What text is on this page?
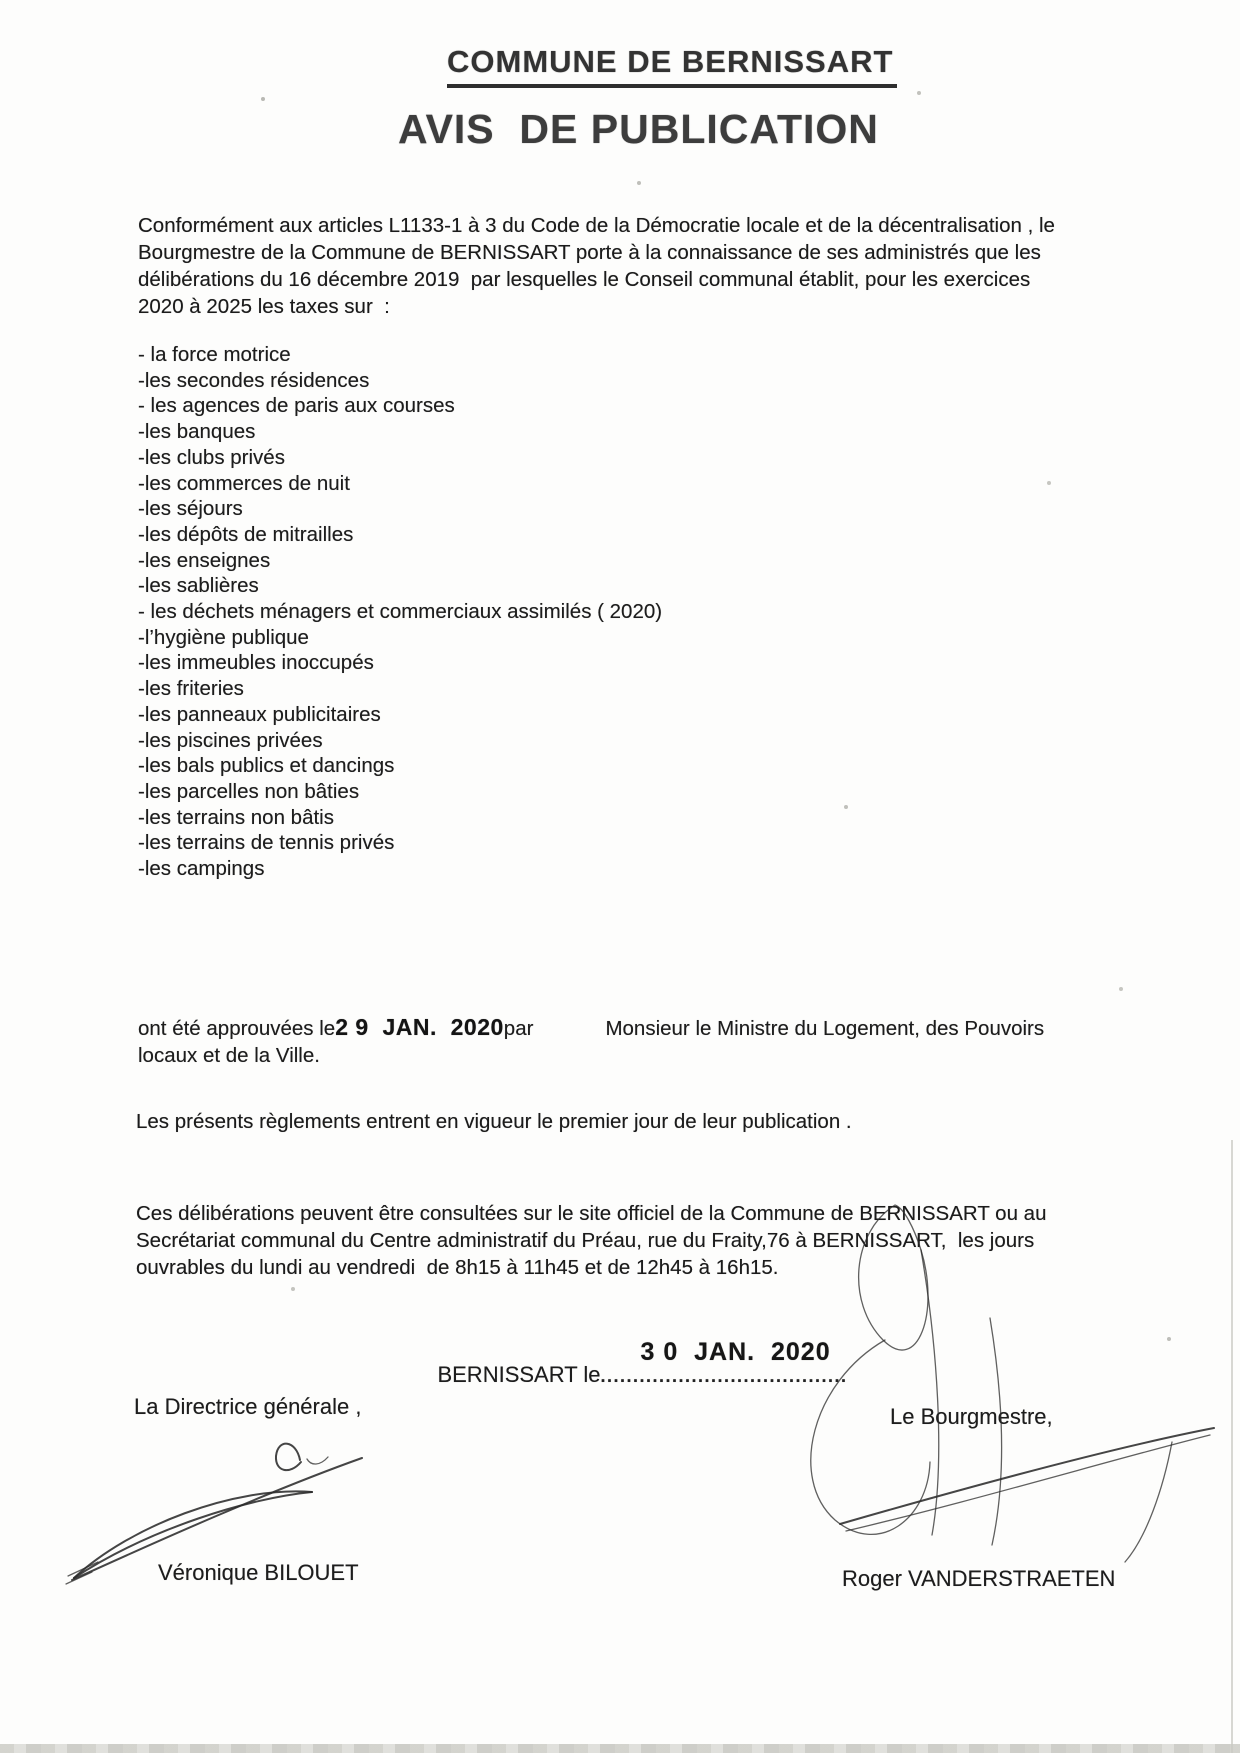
COMMUNE DE BERNISSART
AVIS  DE PUBLICATION
Conformément aux articles L1133-1 à 3 du Code de la Démocratie locale et de la décentralisation , le Bourgmestre de la Commune de BERNISSART porte à la connaissance de ses administrés que les délibérations du 16 décembre 2019  par lesquelles le Conseil communal établit, pour les exercices 2020 à 2025 les taxes sur  :
- la force motrice
-les secondes résidences
- les agences de paris aux courses
-les banques
-les clubs privés
-les commerces de nuit
-les séjours
-les dépôts de mitrailles
-les enseignes
-les sablières
- les déchets ménagers et commerciaux assimilés ( 2020)
-l’hygiène publique
-les immeubles inoccupés
-les friteries
-les panneaux publicitaires
-les piscines privées
-les bals publics et dancings
-les parcelles non bâties
-les terrains non bâtis
-les terrains de tennis privés
-les campings
ont été approuvées le2 9  JAN.  2020par	Monsieur le Ministre du Logement, des Pouvoirs
locaux et de la Ville.
Les présents règlements entrent en vigueur le premier jour de leur publication .
Ces délibérations peuvent être consultées sur le site officiel de la Commune de BERNISSART ou au Secrétariat communal du Centre administratif du Préau, rue du Fraity,76 à BERNISSART,  les jours ouvrables du lundi au vendredi  de 8h15 à 11h45 et de 12h45 à 16h15.

BERNISSART le
3 0  JAN.  2020
......................................

La Directrice générale ,	Le Bourgmestre,
Véronique BILOUET	Roger VANDERSTRAETEN
